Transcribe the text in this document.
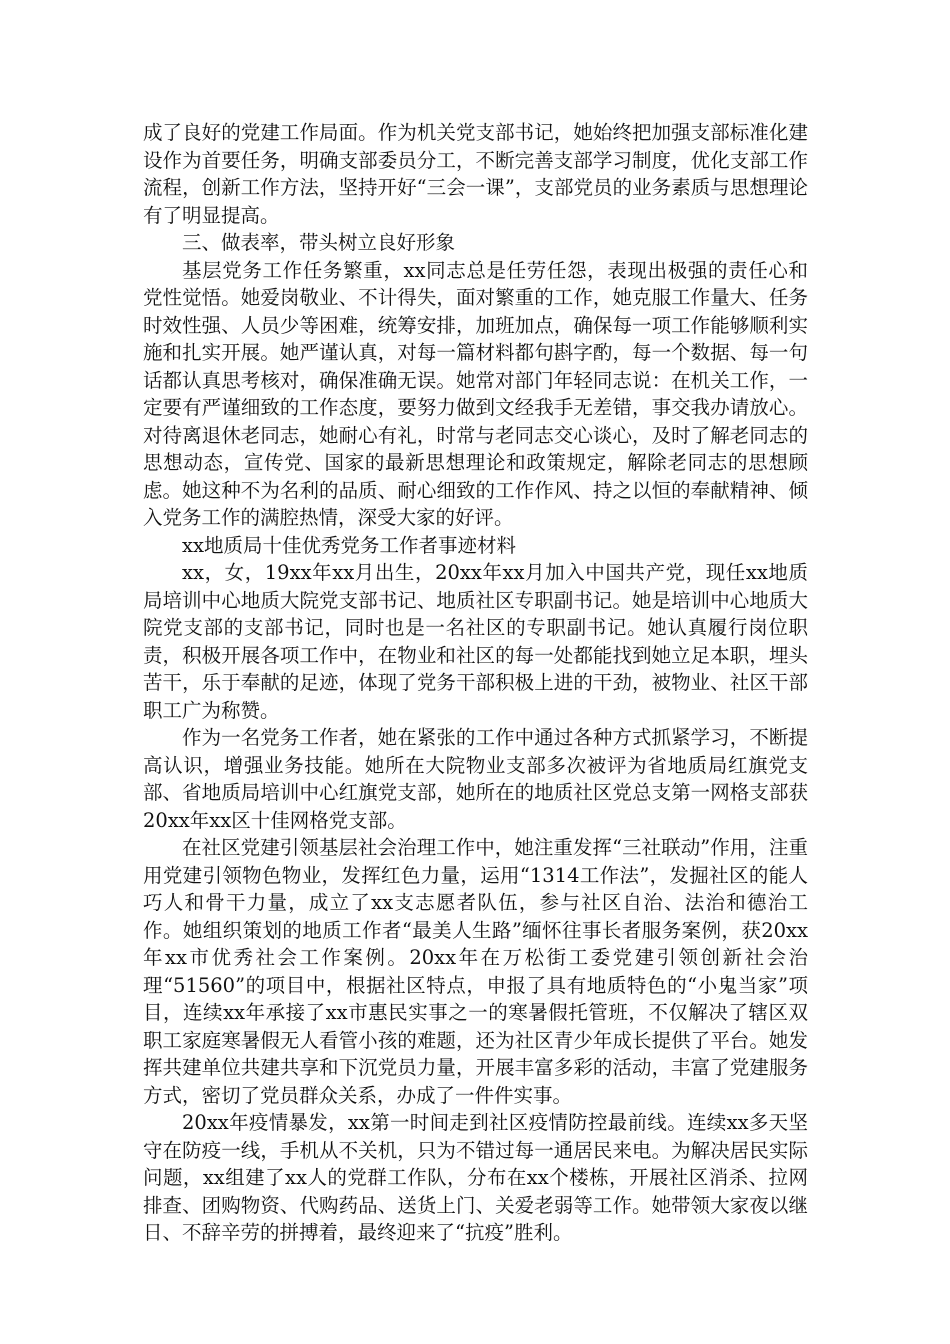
成了良好的党建工作局面。作为机关党支部书记，她始终把加强支部标准化建设作为首要任务，明确支部委员分工，不断完善支部学习制度，优化支部工作流程，创新工作方法，坚持开好“三会一课”，支部党员的业务素质与思想理论有了明显提高。

三、做表率，带头树立良好形象

基层党务工作任务繁重，xx同志总是任劳任怨，表现出极强的责任心和党性觉悟。她爱岗敬业、不计得失，面对繁重的工作，她克服工作量大、任务时效性强、人员少等困难，统筹安排，加班加点，确保每一项工作能够顺利实施和扎实开展。她严谨认真，对每一篇材料都句斟字酌，每一个数据、每一句话都认真思考核对，确保准确无误。她常对部门年轻同志说：在机关工作，一定要有严谨细致的工作态度，要努力做到文经我手无差错，事交我办请放心。对待离退休老同志，她耐心有礼，时常与老同志交心谈心，及时了解老同志的思想动态，宣传党、国家的最新思想理论和政策规定，解除老同志的思想顾虑。她这种不为名利的品质、耐心细致的工作作风、持之以恒的奉献精神、倾入党务工作的满腔热情，深受大家的好评。

xx地质局十佳优秀党务工作者事迹材料

xx，女，19xx年xx月出生，20xx年xx月加入中国共产党，现任xx地质局培训中心地质大院党支部书记、地质社区专职副书记。她是培训中心地质大院党支部的支部书记，同时也是一名社区的专职副书记。她认真履行岗位职责，积极开展各项工作中，在物业和社区的每一处都能找到她立足本职，埋头苦干，乐于奉献的足迹，体现了党务干部积极上进的干劲，被物业、社区干部职工广为称赞。

作为一名党务工作者，她在紧张的工作中通过各种方式抓紧学习，不断提高认识，增强业务技能。她所在大院物业支部多次被评为省地质局红旗党支部、省地质局培训中心红旗党支部，她所在的地质社区党总支第一网格支部获20xx年xx区十佳网格党支部。

在社区党建引领基层社会治理工作中，她注重发挥“三社联动”作用，注重用党建引领物色物业，发挥红色力量，运用“1314工作法”，发掘社区的能人巧人和骨干力量，成立了xx支志愿者队伍，参与社区自治、法治和德治工作。她组织策划的地质工作者“最美人生路”缅怀往事长者服务案例，获20xx年xx市优秀社会工作案例。20xx年在万松街工委党建引领创新社会治理“51560”的项目中，根据社区特点，申报了具有地质特色的“小鬼当家”项目，连续xx年承接了xx市惠民实事之一的寒暑假托管班，不仅解决了辖区双职工家庭寒暑假无人看管小孩的难题，还为社区青少年成长提供了平台。她发挥共建单位共建共享和下沉党员力量，开展丰富多彩的活动，丰富了党建服务方式，密切了党员群众关系，办成了一件件实事。

20xx年疫情暴发，xx第一时间走到社区疫情防控最前线。连续xx多天坚守在防疫一线，手机从不关机，只为不错过每一通居民来电。为解决居民实际问题，xx组建了xx人的党群工作队，分布在xx个楼栋，开展社区消杀、拉网排查、团购物资、代购药品、送货上门、关爱老弱等工作。她带领大家夜以继日、不辞辛劳的拼搏着，最终迎来了“抗疫”胜利。
